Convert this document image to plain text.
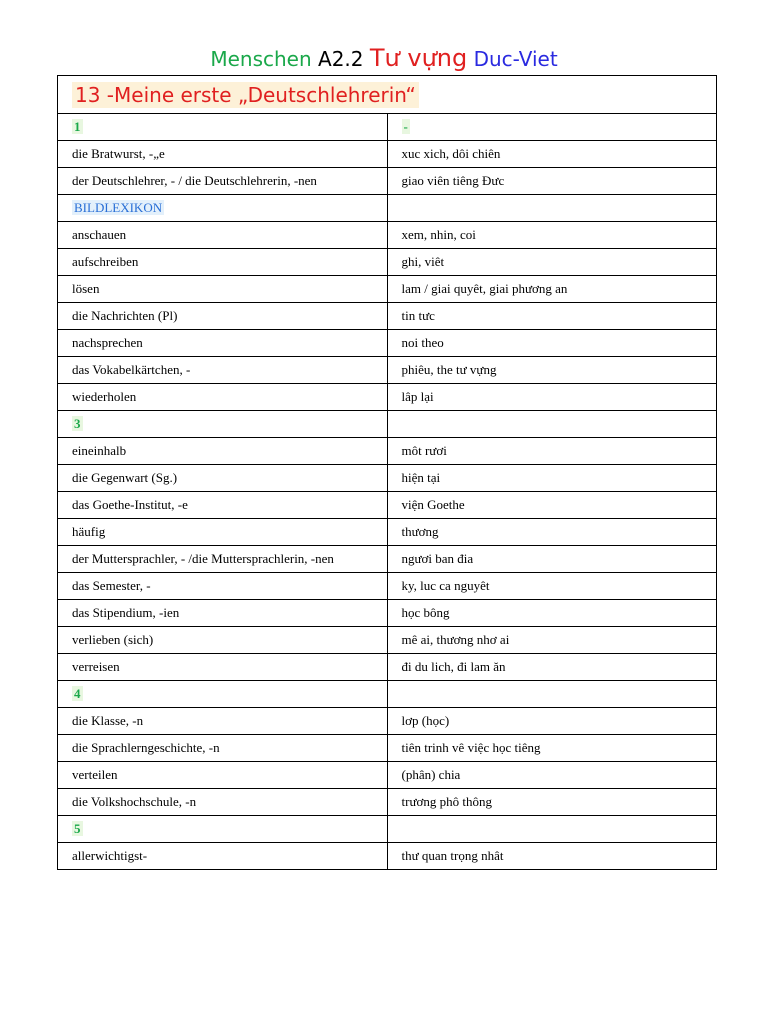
Menschen A2.2 Tư vựng Duc-Viet
13 -Meine erste „Deutschlehrerin“	
1	-
die Bratwurst, -„e	xuc xich, dôi chiên
der Deutschlehrer, - / die Deutschlehrerin, -nen	giao viên tiêng Đưc
BILDLEXIKON	
anschauen	xem, nhin, coi
aufschreiben	ghi, viêt
lösen	lam / giai quyêt, giai phương an
die Nachrichten (Pl)	tin tưc
nachsprechen	noi theo
das Vokabelkärtchen, -	phiêu, the tư vựng
wiederholen	lâp lại
3	
eineinhalb	môt rươi
die Gegenwart (Sg.)	hiện tại
das Goethe-Institut, -e	viện Goethe
häufig	thương
der Muttersprachler, - /die Muttersprachlerin, -nen	ngươi ban đia
das Semester, -	ky, luc ca nguyêt
das Stipendium, -ien	học bông
verlieben (sich)	mê ai, thương nhơ ai
verreisen	đi du lich, đi lam ăn
4	
die Klasse, -n	lơp (học)
die Sprachlerngeschichte, -n	tiên trinh vê việc học tiêng
verteilen	(phân) chia
die Volkshochschule, -n	trương phô thông
5	
allerwichtigst-	thư quan trọng nhât
